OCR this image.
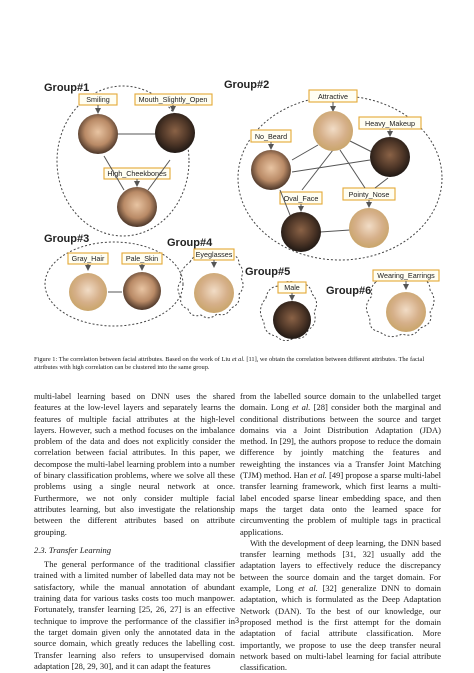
Group#1
Smiling	Mouth_Slightly_Open
High_Cheekbones
Group#2
Attractive
Heavy_Makeup
No_Beard
Oval_Face	Pointy_Nose
Group#3
Gray_Hair	Pale_Skin
Group#4
Eyeglasses
Group#5
Male Group#6
Wearing_Earrings
Figure 1: The correlation between facial attributes. Based on the work of Liu et al. [11], we obtain the correlation between different attributes. The facial attributes with high correlation can be clustered into the same group.

multi-label learning based on DNN uses the shared features at the low-level layers and separately learns the features of multiple facial attributes at the high-level layers. However, such a method focuses on the imbalance problem of the data and does not explicitly consider the correlation between facial attributes. In this paper, we decompose the multi-label learning problem into a number of binary classification problems, where we solve all these problems using a single neural network at once. Furthermore, we not only consider multiple facial attributes learning, but also investigate the relationship between the different attributes based on attribute grouping.

2.3. Transfer Learning

The general performance of the traditional classifier trained with a limited number of labelled data may not be satisfactory, while the manual annotation of abundant training data for various tasks costs too much manpower. Fortunately, transfer learning [25, 26, 27] is an effective technique to improve the performance of the classifier in the target domain given only the annotated data in the source domain, which greatly reduces the labelling cost. Transfer learning also refers to unsupervised domain adaptation [28, 29, 30], and it can adapt the features

from the labelled source domain to the unlabelled target domain. Long et al. [28] consider both the marginal and conditional distributions between the source and target domains via a Joint Distribution Adaptation (JDA) method. In [29], the authors propose to reduce the domain difference by jointly matching the features and reweighting the instances via a Transfer Joint Matching (TJM) method. Han et al. [49] propose a sparse multi-label transfer learning framework, which first learns a multi-label encoded sparse linear embedding space, and then maps the target data onto the learned space for circumventing the problem of multiple tags in practical applications.

With the development of deep learning, the DNN based transfer learning methods [31, 32] usually add the adaptation layers to effectively reduce the discrepancy between the source domain and the target domain. For example, Long et al. [32] generalize DNN to domain adaptation, which is formulated as the Deep Adaptation Network (DAN). To the best of our knowledge, our proposed method is the first attempt for the domain adaptation of facial attribute classification. More importantly, we propose to use the deep transfer neural network based on multi-label learning for facial attribute classification.

3
